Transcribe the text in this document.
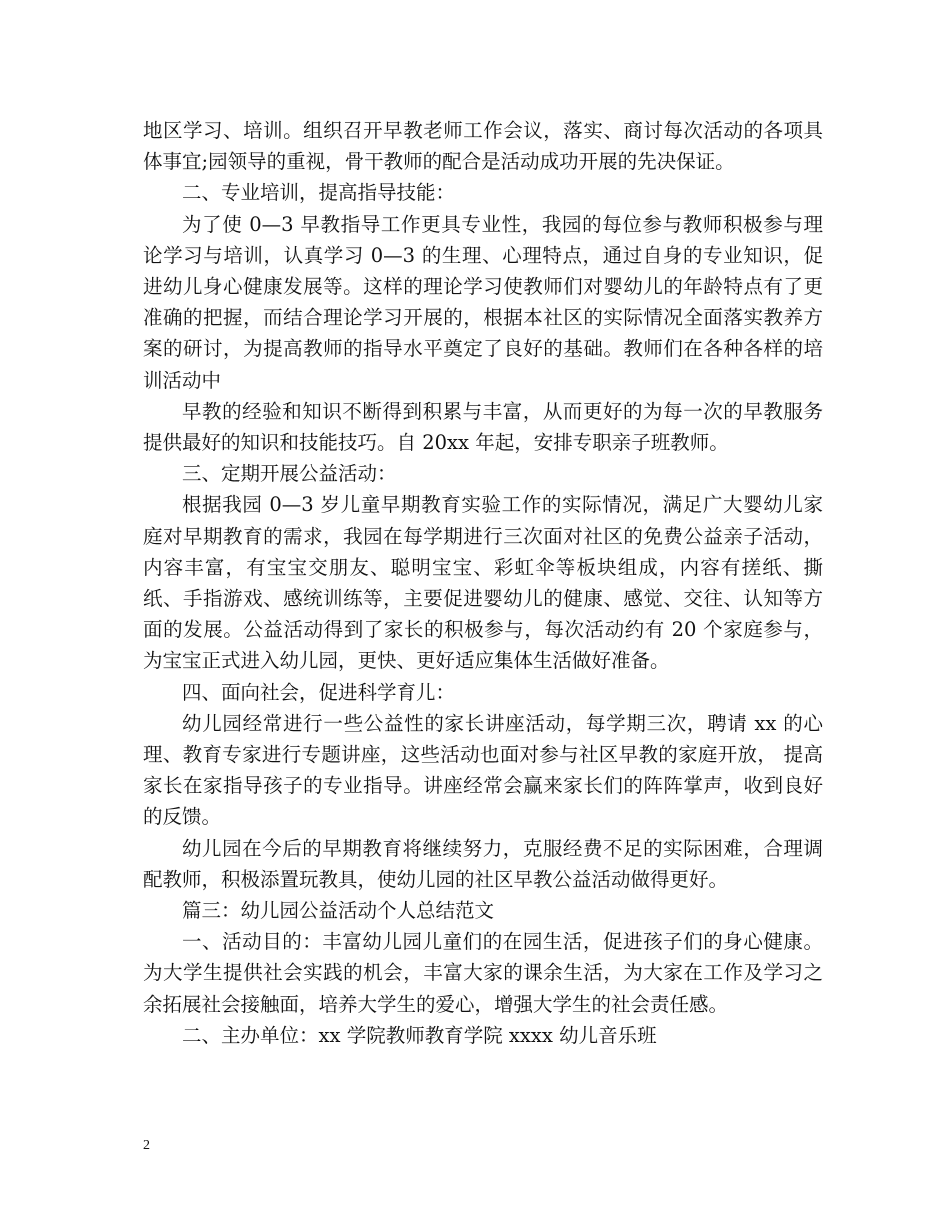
地区学习、培训。组织召开早教老师工作会议，落实、商讨每次活动的各项具体事宜;园领导的重视，骨干教师的配合是活动成功开展的先决保证。

二、专业培训，提高指导技能：

为了使 0—3 早教指导工作更具专业性，我园的每位参与教师积极参与理论学习与培训，认真学习 0—3 的生理、心理特点，通过自身的专业知识，促进幼儿身心健康发展等。这样的理论学习使教师们对婴幼儿的年龄特点有了更准确的把握，而结合理论学习开展的，根据本社区的实际情况全面落实教养方案的研讨，为提高教师的指导水平奠定了良好的基础。教师们在各种各样的培训活动中

早教的经验和知识不断得到积累与丰富，从而更好的为每一次的早教服务提供最好的知识和技能技巧。自 20xx 年起，安排专职亲子班教师。

三、定期开展公益活动：

根据我园 0—3 岁儿童早期教育实验工作的实际情况，满足广大婴幼儿家庭对早期教育的需求，我园在每学期进行三次面对社区的免费公益亲子活动，内容丰富，有宝宝交朋友、聪明宝宝、彩虹伞等板块组成，内容有搓纸、撕纸、手指游戏、感统训练等，主要促进婴幼儿的健康、感觉、交往、认知等方面的发展。公益活动得到了家长的积极参与，每次活动约有 20 个家庭参与，为宝宝正式进入幼儿园，更快、更好适应集体生活做好准备。

四、面向社会，促进科学育儿：

幼儿园经常进行一些公益性的家长讲座活动，每学期三次，聘请 xx 的心理、教育专家进行专题讲座，这些活动也面对参与社区早教的家庭开放， 提高家长在家指导孩子的专业指导。讲座经常会赢来家长们的阵阵掌声，收到良好的反馈。

幼儿园在今后的早期教育将继续努力，克服经费不足的实际困难，合理调配教师，积极添置玩教具，使幼儿园的社区早教公益活动做得更好。

篇三：幼儿园公益活动个人总结范文

一、活动目的：丰富幼儿园儿童们的在园生活，促进孩子们的身心健康。为大学生提供社会实践的机会，丰富大家的课余生活，为大家在工作及学习之余拓展社会接触面，培养大学生的爱心，增强大学生的社会责任感。

二、主办单位：xx 学院教师教育学院 xxxx 幼儿音乐班

2
